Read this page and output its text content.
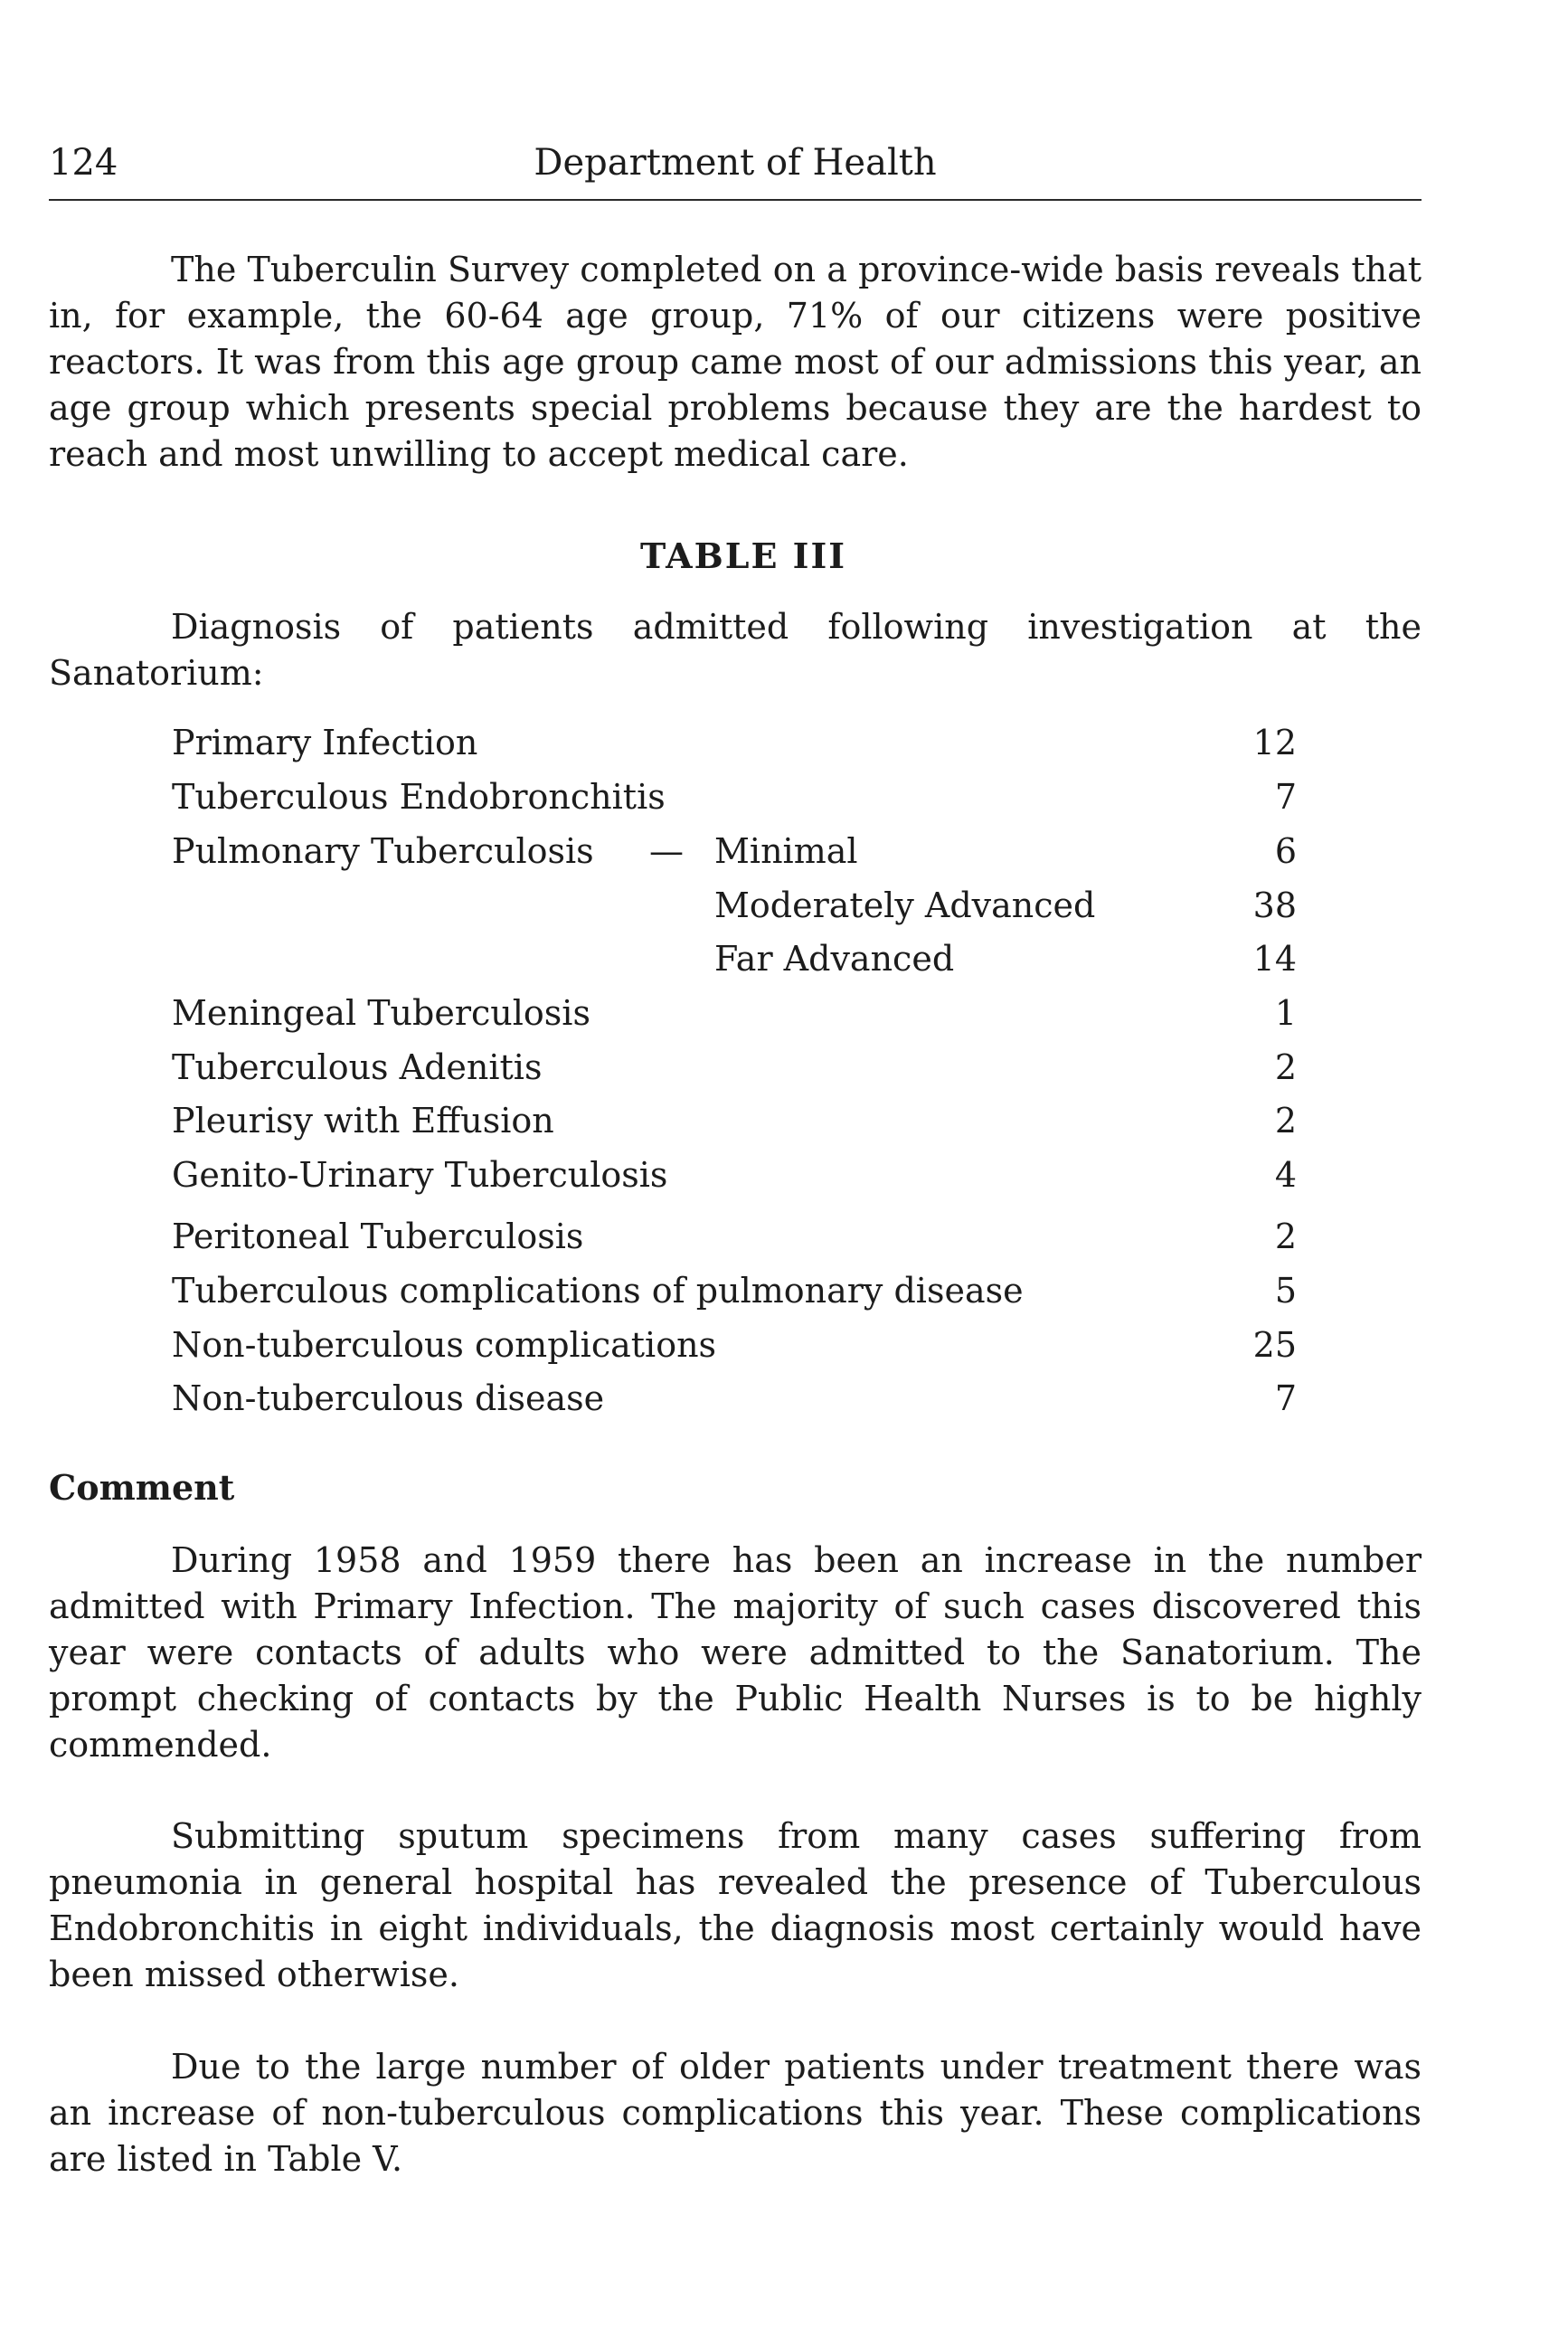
124	Department of Health

The Tuberculin Survey completed on a province-wide basis reveals that in, for example, the 60-64 age group, 71% of our citizens were positive reactors. It was from this age group came most of our admissions this year, an age group which presents special problems because they are the hardest to reach and most unwilling to accept medical care.

TABLE III

Diagnosis of patients admitted following investigation at the Sanatorium:

Primary Infection	12
Tuberculous Endobronchitis	7
Pulmonary Tuberculosis — Minimal	6
Moderately Advanced	38
Far Advanced	14
Meningeal Tuberculosis	1
Tuberculous Adenitis	2
Pleurisy with Effusion	2
Genito-Urinary Tuberculosis	4
Peritoneal Tuberculosis	2
Tuberculous complications of pulmonary disease	5
Non-tuberculous complications	25
Non-tuberculous disease	7
Comment

During 1958 and 1959 there has been an increase in the number admitted with Primary Infection. The majority of such cases discovered this year were contacts of adults who were admitted to the Sanatorium. The prompt checking of contacts by the Public Health Nurses is to be highly commended.

Submitting sputum specimens from many cases suffering from pneumonia in general hospital has revealed the presence of Tuberculous Endobronchitis in eight individuals, the diagnosis most certainly would have been missed otherwise.

Due to the large number of older patients under treatment there was an increase of non-tuberculous complications this year. These complications are listed in Table V.
